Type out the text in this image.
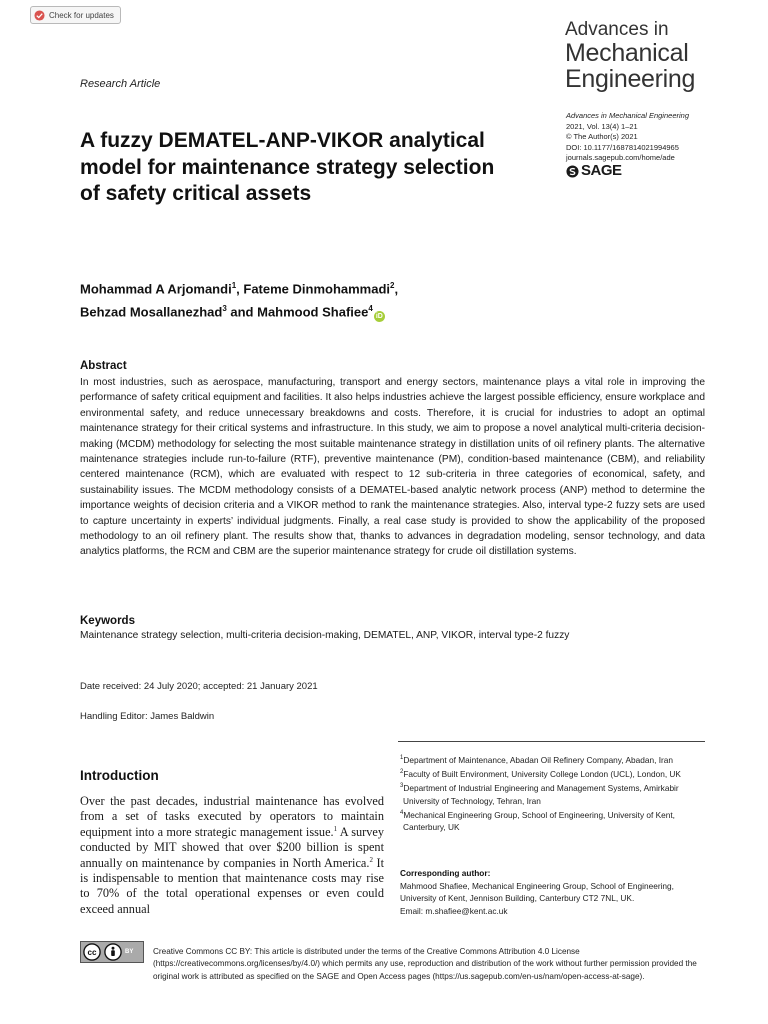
Check for updates
Advances in
Mechanical
Engineering
Research Article
Advances in Mechanical Engineering
2021, Vol. 13(4) 1–21
© The Author(s) 2021
DOI: 10.1177/16878140219949​65
journals.sagepub.com/home/ade
SAGE
A fuzzy DEMATEL-ANP-VIKOR analytical model for maintenance strategy selection of safety critical assets
Mohammad A Arjomandi$^1$, Fateme Dinmohammadi$^2$,
Behzad Mosallanezhad$^3$ and Mahmood Shafiee$^4$iD
Abstract

In most industries, such as aerospace, manufacturing, transport and energy sectors, maintenance plays a vital role in improving the performance of safety critical equipment and facilities. It also helps industries achieve the largest possible efficiency, ensure workplace and environmental safety, and reduce unnecessary breakdowns and costs. Therefore, it is crucial for industries to adopt an optimal maintenance strategy for their critical systems and infrastructure. In this study, we aim to propose a novel analytical multi-criteria decision-making (MCDM) methodology for selecting the most suitable maintenance strategy in distillation units of oil refinery plants. The alternative maintenance strategies include run-to-failure (RTF), preventive maintenance (PM), condition-based maintenance (CBM), and reliability centered maintenance (RCM), which are evaluated with respect to 12 sub-criteria in three categories of economical, safety, and sustainability issues. The MCDM methodology consists of a DEMATEL-based analytic network process (ANP) method to determine the importance weights of decision criteria and a VIKOR method to rank the maintenance strategies. Also, interval type-2 fuzzy sets are used to capture uncertainty in experts’ individual judgments. Finally, a real case study is provided to show the applicability of the proposed methodology to an oil refinery plant. The results show that, thanks to advances in degradation modeling, sensor technology, and data analytics platforms, the RCM and CBM are the superior maintenance strategy for crude oil distillation systems.

Keywords
Maintenance strategy selection, multi-criteria decision-making, DEMATEL, ANP, VIKOR, interval type-2 fuzzy
Date received: 24 July 2020; accepted: 21 January 2021
Handling Editor: James Baldwin
Introduction

Over the past decades, industrial maintenance has evolved from a set of tasks executed by operators to maintain equipment into a more strategic management issue.$^1$ A survey conducted by MIT showed that over $200 billion is spent annually on maintenance by companies in North America.$^2$ It is indispensable to mention that maintenance costs may rise to 70% of the total operational expenses or even could exceed annual

$^1$Department of Maintenance, Abadan Oil Refinery Company, Abadan, Iran
$^2$Faculty of Built Environment, University College London (UCL), London, UK
$^3$Department of Industrial Engineering and Management Systems, Amirkabir University of Technology, Tehran, Iran
$^4$Mechanical Engineering Group, School of Engineering, University of Kent, Canterbury, UK
Corresponding author:
Mahmood Shafiee, Mechanical Engineering Group, School of Engineering, University of Kent, Jennison Building, Canterbury CT2 7NL, UK.
Email: m.shafiee@kent.ac.uk
cc	BY	Creative Commons CC BY: This article is distributed under the terms of the Creative Commons Attribution 4.0 License (https://creativecommons.org/licenses/by/4.0/) which permits any use, reproduction and distribution of the work without further permission provided the original work is attributed as specified on the SAGE and Open Access pages (https://us.sagepub.com/en-us/nam/open-access-at-sage).
